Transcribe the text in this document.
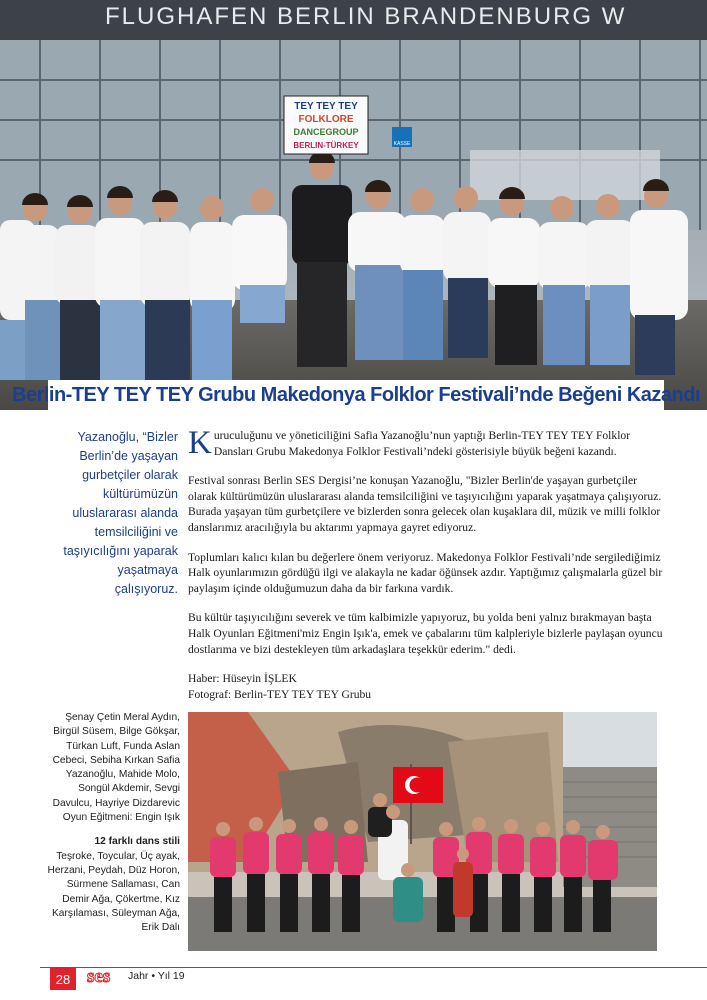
FLUGHAFEN BERLIN BRANDENBURG W
TEY TEY TEY
FOLKLORE
DANCEGROUP
BERLIN-TÜRKEY	KASSE
Berlin-TEY TEY TEY Grubu Makedonya Folklor Festivali’nde Beğeni Kazandı
Yazanoğlu, “Bizler Berlin’de yaşayan gurbetçiler olarak kültürümüzün uluslararası alanda temsilciliğini ve taşıyıcılığını yaparak yaşatmaya çalışıyoruz.

Kuruculuğunu ve yöneticiliğini Safia Yazanoğlu’nun yaptığı Berlin-TEY TEY TEY Folklor Dansları Grubu Makedonya Folklor Festivali’ndeki gösterisiyle büyük beğeni kazandı.

Festival sonrası Berlin SES Dergisi’ne konuşan Yazanoğlu, "Bizler Berlin'de yaşayan gurbetçiler olarak kültürümüzün uluslararası alanda temsilciliğini ve taşıyıcılığını yaparak yaşatmaya çalışıyoruz. Burada yaşayan tüm gurbetçilere ve bizlerden sonra gelecek olan kuşaklara dil, müzik ve milli folklor danslarımız aracılığıyla bu aktarımı yapmaya gayret ediyoruz.

Toplumları kalıcı kılan bu değerlere önem veriyoruz. Makedonya Folklor Festivali’nde sergilediğimiz Halk oyunlarımızın gördüğü ilgi ve alakayla ne kadar öğünsek azdır. Yaptığımız çalışmalarla güzel bir paylaşım içinde olduğumuzun daha da bir farkına vardık.

Bu kültür taşıyıcılığını severek ve tüm kalbimizle yapıyoruz, bu yolda beni yalnız bırakmayan başta Halk Oyunları Eğitmeni'miz Engin Işık'a, emek ve çabalarını tüm kalpleriyle bizlerle paylaşan oyuncu dostlarıma ve bizi destekleyen tüm arkadaşlara teşekkür ederim." dedi.

Haber: Hüseyin İŞLEK

Fotograf: Berlin-TEY TEY TEY Grubu

Şenay Çetin Meral Aydın, Birgül Süsem, Bilge Gökşar, Türkan Luft, Funda Aslan Cebeci, Sebiha Kırkan Safia Yazanoğlu, Mahide Molo, Songül Akdemir, Sevgi Davulcu, Hayriye Dizdarevic Oyun Eğitmeni: Engin Işık
12 farklı dans stili
Teşroke, Toycular, Üç ayak, Herzani, Peydah, Düz Horon, Sürmene Sallaması, Can Demir Ağa, Çökertme, Kız Karşılaması, Süleyman Ağa, Erik Dalı
28 ses Jahr • Yıl 19
